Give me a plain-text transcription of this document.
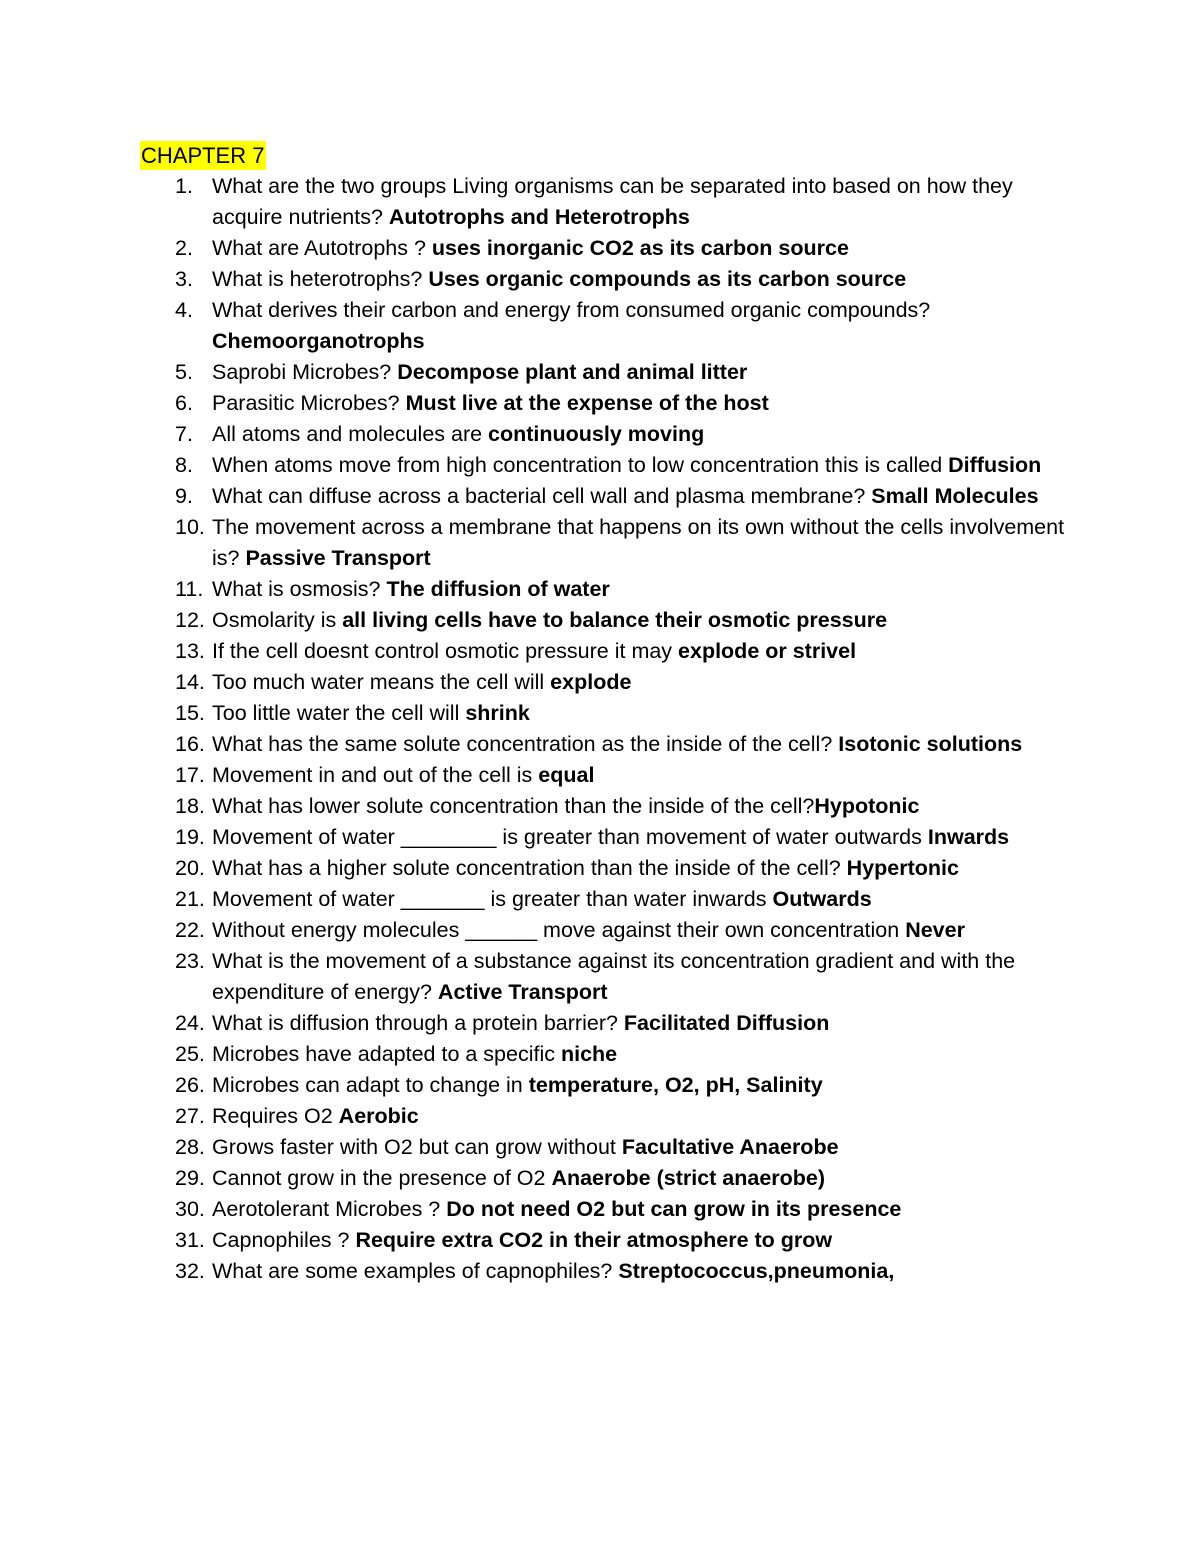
CHAPTER 7
1. What are the two groups Living organisms can be separated into based on how they acquire nutrients? Autotrophs and Heterotrophs
2. What are Autotrophs ? uses inorganic CO2 as its carbon source
3. What is heterotrophs? Uses organic compounds as its carbon source
4. What derives their carbon and energy from consumed organic compounds? Chemoorganotrophs
5. Saprobi Microbes? Decompose plant and animal litter
6. Parasitic Microbes? Must live at the expense of the host
7. All atoms and molecules are continuously moving
8. When atoms move from high concentration to low concentration this is called Diffusion
9. What can diffuse across a bacterial cell wall and plasma membrane? Small Molecules
10. The movement across a membrane that happens on its own without the cells involvement is? Passive Transport
11. What is osmosis? The diffusion of water
12. Osmolarity is all living cells have to balance their osmotic pressure
13. If the cell doesnt control osmotic pressure it may explode or strivel
14. Too much water means the cell will explode
15. Too little water the cell will shrink
16. What has the same solute concentration as the inside of the cell? Isotonic solutions
17. Movement in and out of the cell is equal
18. What has lower solute concentration than the inside of the cell?Hypotonic
19. Movement of water ________ is greater than movement of water outwards Inwards
20. What has a higher solute concentration than the inside of the cell? Hypertonic
21. Movement of water _______ is greater than water inwards Outwards
22. Without energy molecules ______ move against their own concentration Never
23. What is the movement of a substance against its concentration gradient and with the expenditure of energy? Active Transport
24. What is diffusion through a protein barrier? Facilitated Diffusion
25. Microbes have adapted to a specific niche
26. Microbes can adapt to change in temperature, O2, pH, Salinity
27. Requires O2 Aerobic
28. Grows faster with O2 but can grow without Facultative Anaerobe
29. Cannot grow in the presence of O2 Anaerobe (strict anaerobe)
30. Aerotolerant Microbes ? Do not need O2 but can grow in its presence
31. Capnophiles ? Require extra CO2 in their atmosphere to grow
32. What are some examples of capnophiles? Streptococcus,pneumonia,
